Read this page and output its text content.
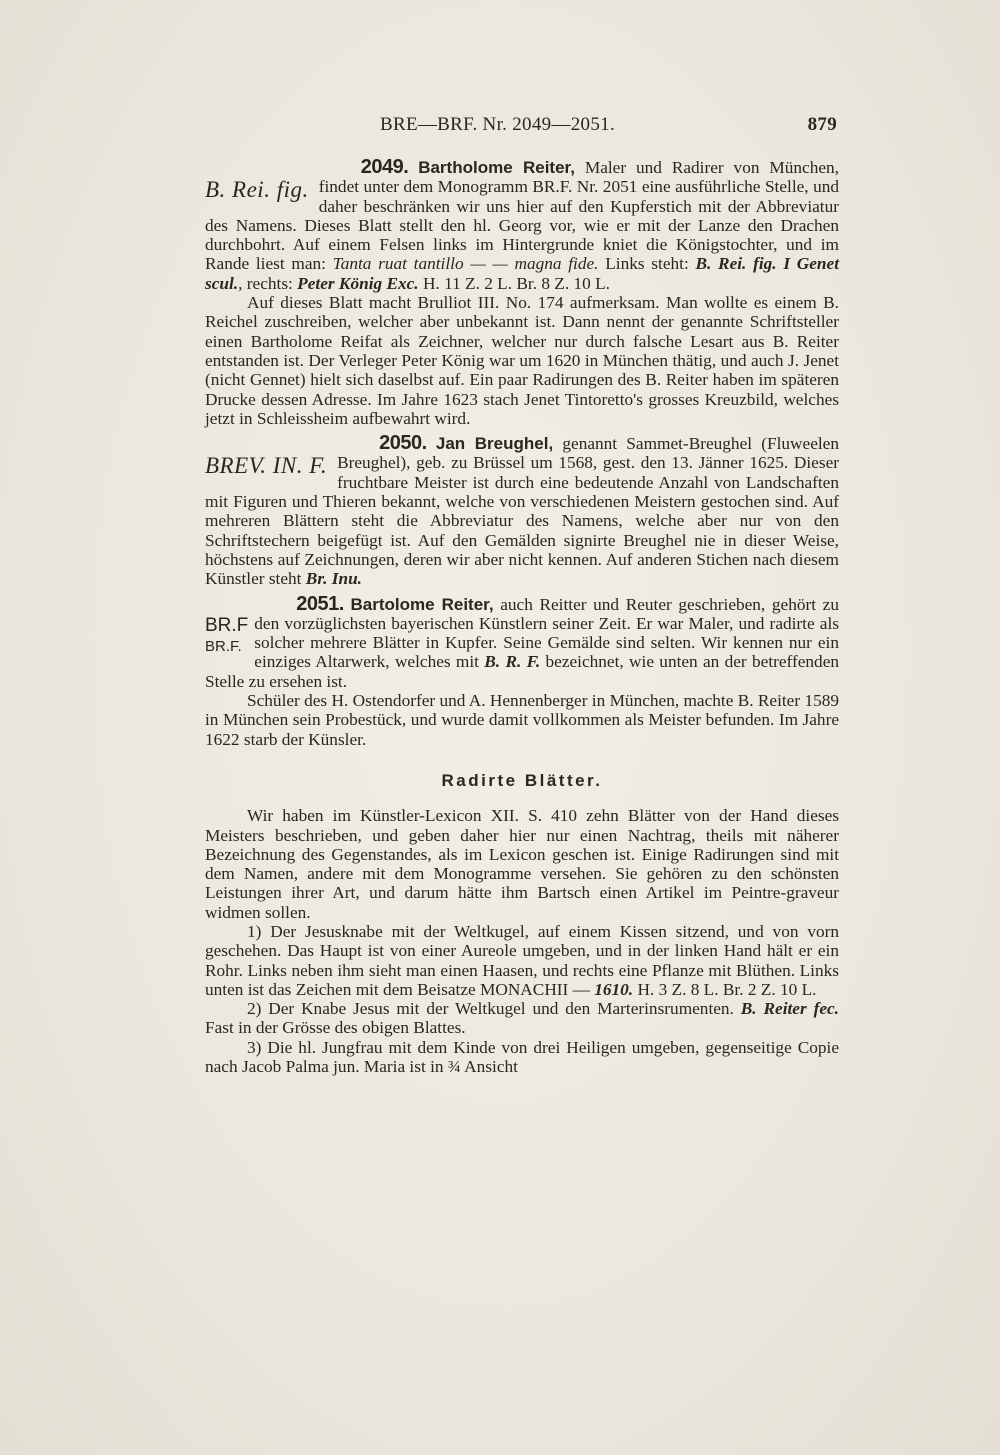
BRE—BRF. Nr. 2049—2051.	879

2049. Bartholome Reiter,
B. Rei. fig.
Maler und Radirer von München, findet unter dem Monogramm BR.F. Nr. 2051 eine ausführliche Stelle, und daher beschränken wir uns hier auf den Kupferstich mit der Abbreviatur des Namens. Dieses Blatt stellt den hl. Georg vor, wie er mit der Lanze den Drachen durchbohrt. Auf einem Felsen links im Hintergrunde kniet die Königstochter, und im Rande liest man: Tanta ruat tantillo — — magna fide. Links steht: B. Rei. fig. I Genet scul., rechts: Peter König Exc. H. 11 Z. 2 L. Br. 8 Z. 10 L.

Auf dieses Blatt macht Brulliot III. No. 174 aufmerksam. Man wollte es einem B. Reichel zuschreiben, welcher aber unbekannt ist. Dann nennt der genannte Schriftsteller einen Bartholome Reifat als Zeichner, welcher nur durch falsche Lesart aus B. Reiter entstanden ist. Der Verleger Peter König war um 1620 in München thätig, und auch J. Jenet (nicht Gennet) hielt sich daselbst auf. Ein paar Radirungen des B. Reiter haben im späteren Drucke dessen Adresse. Im Jahre 1623 stach Jenet Tintoretto's grosses Kreuzbild, welches jetzt in Schleissheim aufbewahrt wird.

2050. Jan Breughel,
BREV. IN. F.
genannt Sammet-Breughel (Fluweelen Breughel), geb. zu Brüssel um 1568, gest. den 13. Jänner 1625. Dieser fruchtbare Meister ist durch eine bedeutende Anzahl von Landschaften mit Figuren und Thieren bekannt, welche von verschiedenen Meistern gestochen sind. Auf mehreren Blättern steht die Abbreviatur des Namens, welche aber nur von den Schriftstechern beigefügt ist. Auf den Gemälden signirte Breughel nie in dieser Weise, höchstens auf Zeichnungen, deren wir aber nicht kennen. Auf anderen Stichen nach diesem Künstler steht Br. Inu.

2051. Bartolome Reiter,
BR.F
BR.F.
auch Reitter und Reuter geschrieben, gehört zu den vorzüglichsten bayerischen Künstlern seiner Zeit. Er war Maler, und radirte als solcher mehrere Blätter in Kupfer. Seine Gemälde sind selten. Wir kennen nur ein einziges Altarwerk, welches mit B. R. F. bezeichnet, wie unten an der betreffenden Stelle zu ersehen ist.

Schüler des H. Ostendorfer und A. Hennenberger in München, machte B. Reiter 1589 in München sein Probestück, und wurde damit vollkommen als Meister befunden. Im Jahre 1622 starb der Künsler.

Radirte Blätter.

Wir haben im Künstler-Lexicon XII. S. 410 zehn Blätter von der Hand dieses Meisters beschrieben, und geben daher hier nur einen Nachtrag, theils mit näherer Bezeichnung des Gegenstandes, als im Lexicon geschen ist. Einige Radirungen sind mit dem Namen, andere mit dem Monogramme versehen. Sie gehören zu den schönsten Leistungen ihrer Art, und darum hätte ihm Bartsch einen Artikel im Peintre-graveur widmen sollen.

1) Der Jesusknabe mit der Weltkugel, auf einem Kissen sitzend, und von vorn geschehen. Das Haupt ist von einer Aureole umgeben, und in der linken Hand hält er ein Rohr. Links neben ihm sieht man einen Haasen, und rechts eine Pflanze mit Blüthen. Links unten ist das Zeichen mit dem Beisatze MONACHII — 1610. H. 3 Z. 8 L. Br. 2 Z. 10 L.

2) Der Knabe Jesus mit der Weltkugel und den Marterinsrumenten. B. Reiter fec. Fast in der Grösse des obigen Blattes.

3) Die hl. Jungfrau mit dem Kinde von drei Heiligen umgeben, gegenseitige Copie nach Jacob Palma jun. Maria ist in ¾ Ansicht
